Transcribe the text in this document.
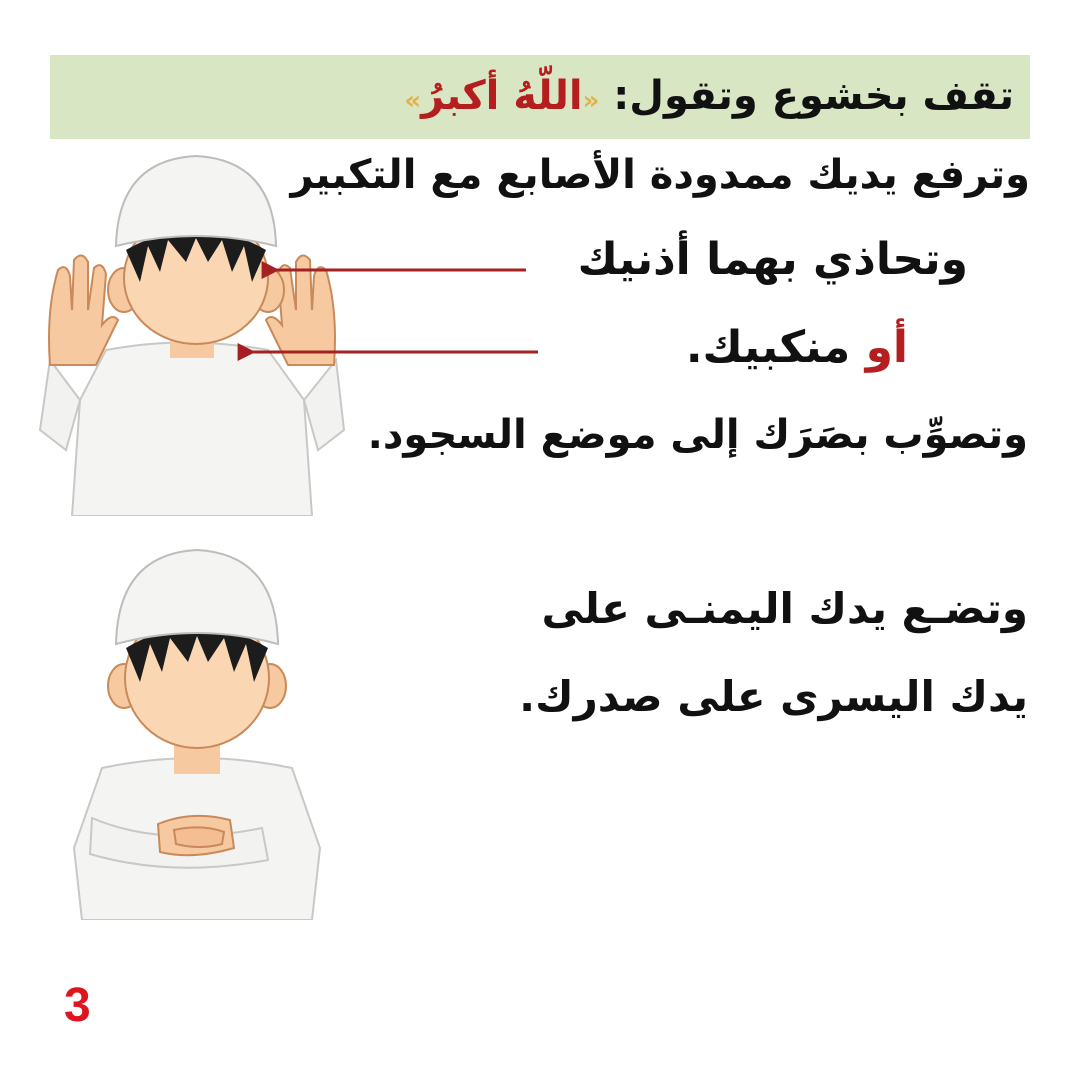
تقف بخشوع وتقول: «اللّهُ أكبرُ»
وترفع يديك ممدودة الأصابع مع التكبير
وتحاذي بهما أذنيك
أو منكبيك.
وتصوِّب بصَرَك إلى موضع السجود.
وتضـع يدك اليمنـى على
يدك اليسرى على صدرك.
3
